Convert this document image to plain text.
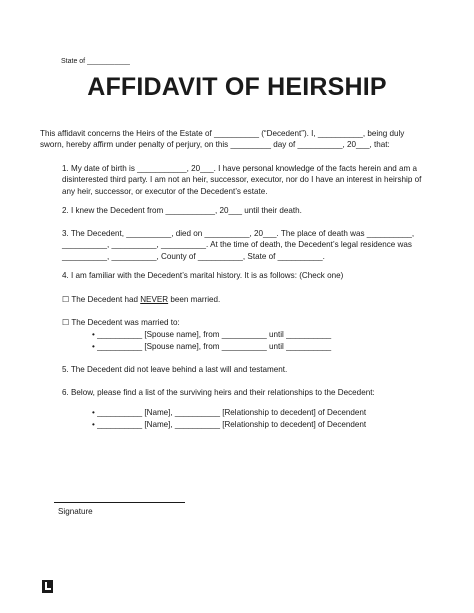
State of ___________
AFFIDAVIT OF HEIRSHIP
This affidavit concerns the Heirs of the Estate of __________ (“Decedent”). I, __________, being duly
sworn, hereby affirm under penalty of perjury, on this _________ day of __________, 20___, that:
1. My date of birth is ___________, 20___. I have personal knowledge of the facts herein and am a
disinterested third party. I am not an heir, successor, executor, nor do I have an interest in heirship of
any heir, successor, or executor of the Decedent’s estate.
2. I knew the Decedent from ___________, 20___ until their death.
3. The Decedent, __________, died on __________, 20___. The place of death was __________,
__________, __________, __________. At the time of death, the Decedent’s legal residence was
__________, __________, County of __________, State of __________.
4. I am familiar with the Decedent’s marital history. It is as follows: (Check one)
☐ The Decedent had NEVER been married.
☐ The Decedent was married to:
• __________ [Spouse name], from __________ until __________
• __________ [Spouse name], from __________ until __________
5. The Decedent did not leave behind a last will and testament.
6. Below, please find a list of the surviving heirs and their relationships to the Decedent:
• __________ [Name], __________ [Relationship to decedent] of Decendent
• __________ [Name], __________ [Relationship to decedent] of Decendent
Signature
